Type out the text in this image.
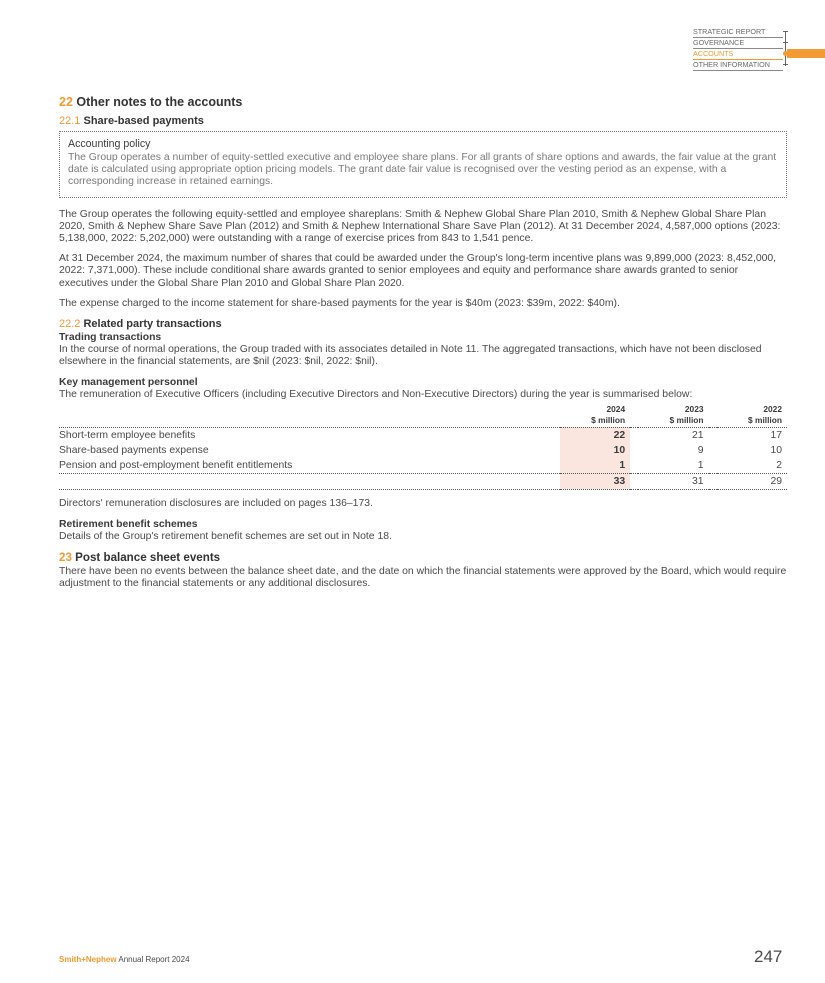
STRATEGIC REPORT
GOVERNANCE
ACCOUNTS
OTHER INFORMATION
22 Other notes to the accounts
22.1 Share-based payments
Accounting policy

The Group operates a number of equity-settled executive and employee share plans. For all grants of share options and awards, the fair value at the grant date is calculated using appropriate option pricing models. The grant date fair value is recognised over the vesting period as an expense, with a corresponding increase in retained earnings.

The Group operates the following equity-settled and employee shareplans: Smith & Nephew Global Share Plan 2010, Smith & Nephew Global Share Plan 2020, Smith & Nephew Share Save Plan (2012) and Smith & Nephew International Share Save Plan (2012). At 31 December 2024, 4,587,000 options (2023: 5,138,000, 2022: 5,202,000) were outstanding with a range of exercise prices from 843 to 1,541 pence.

At 31 December 2024, the maximum number of shares that could be awarded under the Group's long-term incentive plans was 9,899,000 (2023: 8,452,000, 2022: 7,371,000). These include conditional share awards granted to senior employees and equity and performance share awards granted to senior executives under the Global Share Plan 2010 and Global Share Plan 2020.

The expense charged to the income statement for share-based payments for the year is $40m (2023: $39m, 2022: $40m).

22.2 Related party transactions
Trading transactions

In the course of normal operations, the Group traded with its associates detailed in Note 11. The aggregated transactions, which have not been disclosed elsewhere in the financial statements, are $nil (2023: $nil, 2022: $nil).

Key management personnel

The remuneration of Executive Officers (including Executive Directors and Non-Executive Directors) during the year is summarised below:

	2024
$ million		2023
$ million		2022
$ million
Short-term employee benefits	22		21		17
Share-based payments expense	10		9		10
Pension and post-employment benefit entitlements	1		1		2
	33		31		29

Directors' remuneration disclosures are included on pages 136–173.

Retirement benefit schemes

Details of the Group's retirement benefit schemes are set out in Note 18.

23 Post balance sheet events

There have been no events between the balance sheet date, and the date on which the financial statements were approved by the Board, which would require adjustment to the financial statements or any additional disclosures.

Smith+Nephew Annual Report 2024	247
